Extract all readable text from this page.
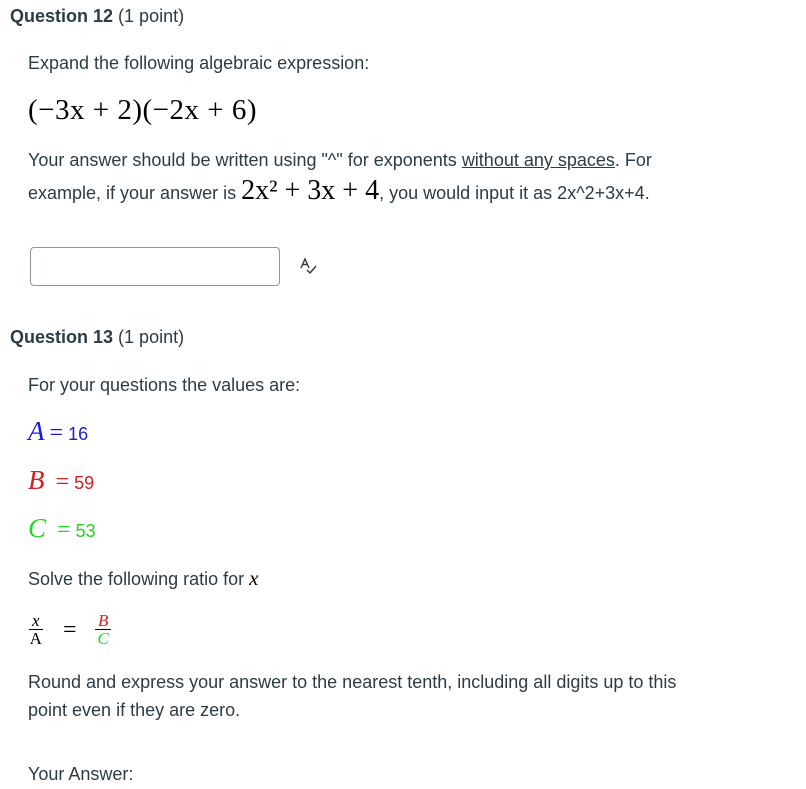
Question 12 (1 point)
Expand the following algebraic expression:
(−3x + 2)(−2x + 6)
Your answer should be written using "^" for exponents without any spaces. For
example, if your answer is 2x² + 3x + 4, you would input it as 2x^2+3x+4.
Question 13 (1 point)
For your questions the values are:
A = 16
B = 59
C = 53
Solve the following ratio for x
$\frac{x}{A} = \frac{B}{C}$
Round and express your answer to the nearest tenth, including all digits up to this
point even if they are zero.
Your Answer:
